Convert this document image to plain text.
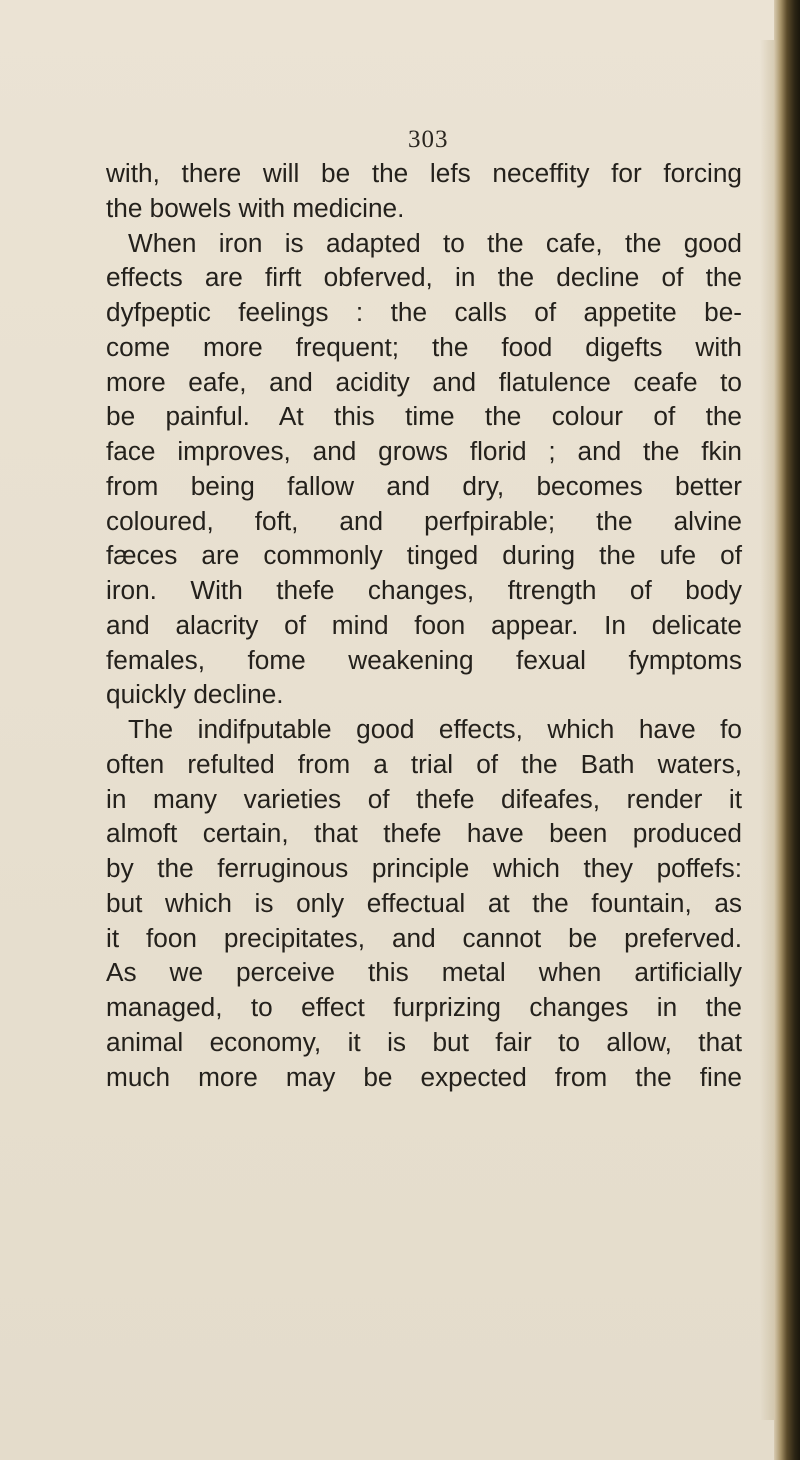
303
with, there will be the lefs neceffity for forcing
the bowels with medicine.
When iron is adapted to the cafe, the good
effects are firft obferved, in the decline of the
dyfpeptic feelings : the calls of appetite be-
come more frequent; the food digefts with
more eafe, and acidity and flatulence ceafe to
be painful. At this time the colour of the
face improves, and grows florid ; and the fkin
from being fallow and dry, becomes better
coloured, foft, and perfpirable; the alvine
fæces are commonly tinged during the ufe of
iron. With thefe changes, ftrength of body
and alacrity of mind foon appear. In delicate
females, fome weakening fexual fymptoms
quickly decline.
The indifputable good effects, which have fo
often refulted from a trial of the Bath waters,
in many varieties of thefe difeafes, render it
almoft certain, that thefe have been produced
by the ferruginous principle which they poffefs:
but which is only effectual at the fountain, as
it foon precipitates, and cannot be preferved.
As we perceive this metal when artificially
managed, to effect furprizing changes in the
animal economy, it is but fair to allow, that
much more may be expected from the fine
